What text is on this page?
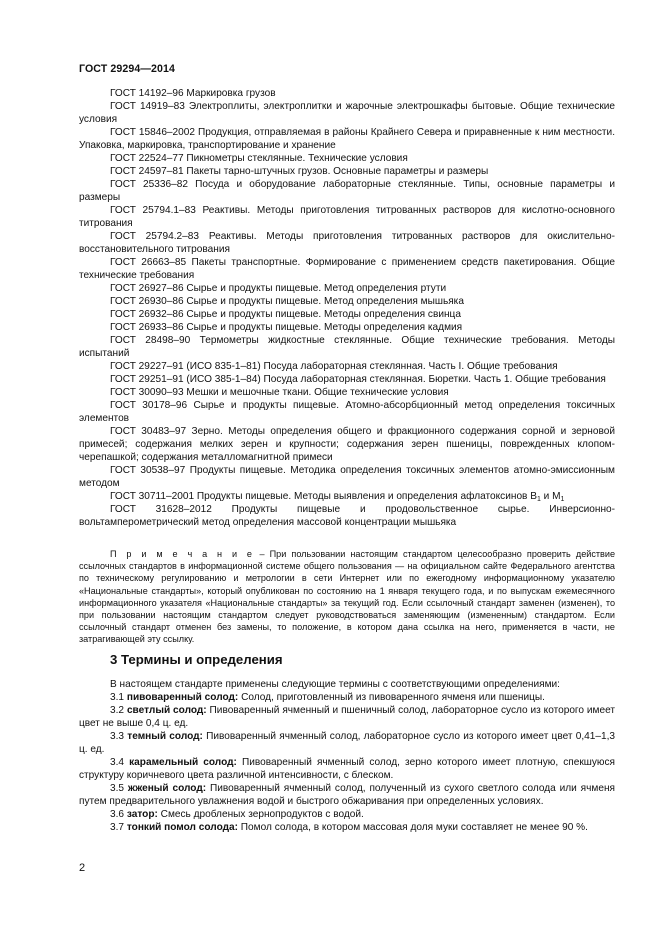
ГОСТ 29294—2014

ГОСТ 14192–96 Маркировка грузов

ГОСТ 14919–83 Электроплиты, электроплитки и жарочные электрошкафы бытовые. Общие технические условия

ГОСТ 15846–2002 Продукция, отправляемая в районы Крайнего Севера и приравненные к ним местности. Упаковка, маркировка, транспортирование и хранение

ГОСТ 22524–77 Пикнометры стеклянные. Технические условия

ГОСТ 24597–81 Пакеты тарно-штучных грузов. Основные параметры и размеры

ГОСТ 25336–82 Посуда и оборудование лабораторные стеклянные. Типы, основные параметры и размеры

ГОСТ 25794.1–83 Реактивы. Методы приготовления титрованных растворов для кислотно-основного титрования

ГОСТ 25794.2–83 Реактивы. Методы приготовления титрованных растворов для окислительно-восстановительного титрования

ГОСТ 26663–85 Пакеты транспортные. Формирование с применением средств пакетирования. Общие технические требования

ГОСТ 26927–86 Сырье и продукты пищевые. Метод определения ртути

ГОСТ 26930–86 Сырье и продукты пищевые. Метод определения мышьяка

ГОСТ 26932–86 Сырье и продукты пищевые. Методы определения свинца

ГОСТ 26933–86 Сырье и продукты пищевые. Методы определения кадмия

ГОСТ 28498–90 Термометры жидкостные стеклянные. Общие технические требования. Методы испытаний

ГОСТ 29227–91 (ИСО 835-1–81) Посуда лабораторная стеклянная. Часть I. Общие требования

ГОСТ 29251–91 (ИСО 385-1–84) Посуда лабораторная стеклянная. Бюретки. Часть 1. Общие требования

ГОСТ 30090–93 Мешки и мешочные ткани. Общие технические условия

ГОСТ 30178–96 Сырье и продукты пищевые. Атомно-абсорбционный метод определения токсичных элементов

ГОСТ 30483–97 Зерно. Методы определения общего и фракционного содержания сорной и зерновой примесей; содержания мелких зерен и крупности; содержания зерен пшеницы, поврежденных клопом-черепашкой; содержания металломагнитной примеси

ГОСТ 30538–97 Продукты пищевые. Методика определения токсичных элементов атомно-эмиссионным методом

ГОСТ 30711–2001 Продукты пищевые. Методы выявления и определения афлатоксинов $В_1$ и $М_1$

ГОСТ 31628–2012 Продукты пищевые и продовольственное сырье. Инверсионно-вольтамперометрический метод определения массовой концентрации мышьяка

П р и м е ч а н и е – При пользовании настоящим стандартом целесообразно проверить действие ссылочных стандартов в информационной системе общего пользования — на официальном сайте Федерального агентства по техническому регулированию и метрологии в сети Интернет или по ежегодному информационному указателю «Национальные стандарты», который опубликован по состоянию на 1 января текущего года, и по выпускам ежемесячного информационного указателя «Национальные стандарты» за текущий год. Если ссылочный стандарт заменен (изменен), то при пользовании настоящим стандартом следует руководствоваться заменяющим (измененным) стандартом. Если ссылочный стандарт отменен без замены, то положение, в котором дана ссылка на него, применяется в части, не затрагивающей эту ссылку.

3 Термины и определения

В настоящем стандарте применены следующие термины с соответствующими определениями:

3.1 пивоваренный солод: Солод, приготовленный из пивоваренного ячменя или пшеницы.

3.2 светлый солод: Пивоваренный ячменный и пшеничный солод, лабораторное сусло из которого имеет цвет не выше 0,4 ц. ед.

3.3 темный солод: Пивоваренный ячменный солод, лабораторное сусло из которого имеет цвет 0,41–1,3 ц. ед.

3.4 карамельный солод: Пивоваренный ячменный солод, зерно которого имеет плотную, спекшуюся структуру коричневого цвета различной интенсивности, с блеском.

3.5 жженый солод: Пивоваренный ячменный солод, полученный из сухого светлого солода или ячменя путем предварительного увлажнения водой и быстрого обжаривания при определенных условиях.

3.6 затор: Смесь дробленых зернопродуктов с водой.

3.7 тонкий помол солода: Помол солода, в котором массовая доля муки составляет не менее 90 %.

2
